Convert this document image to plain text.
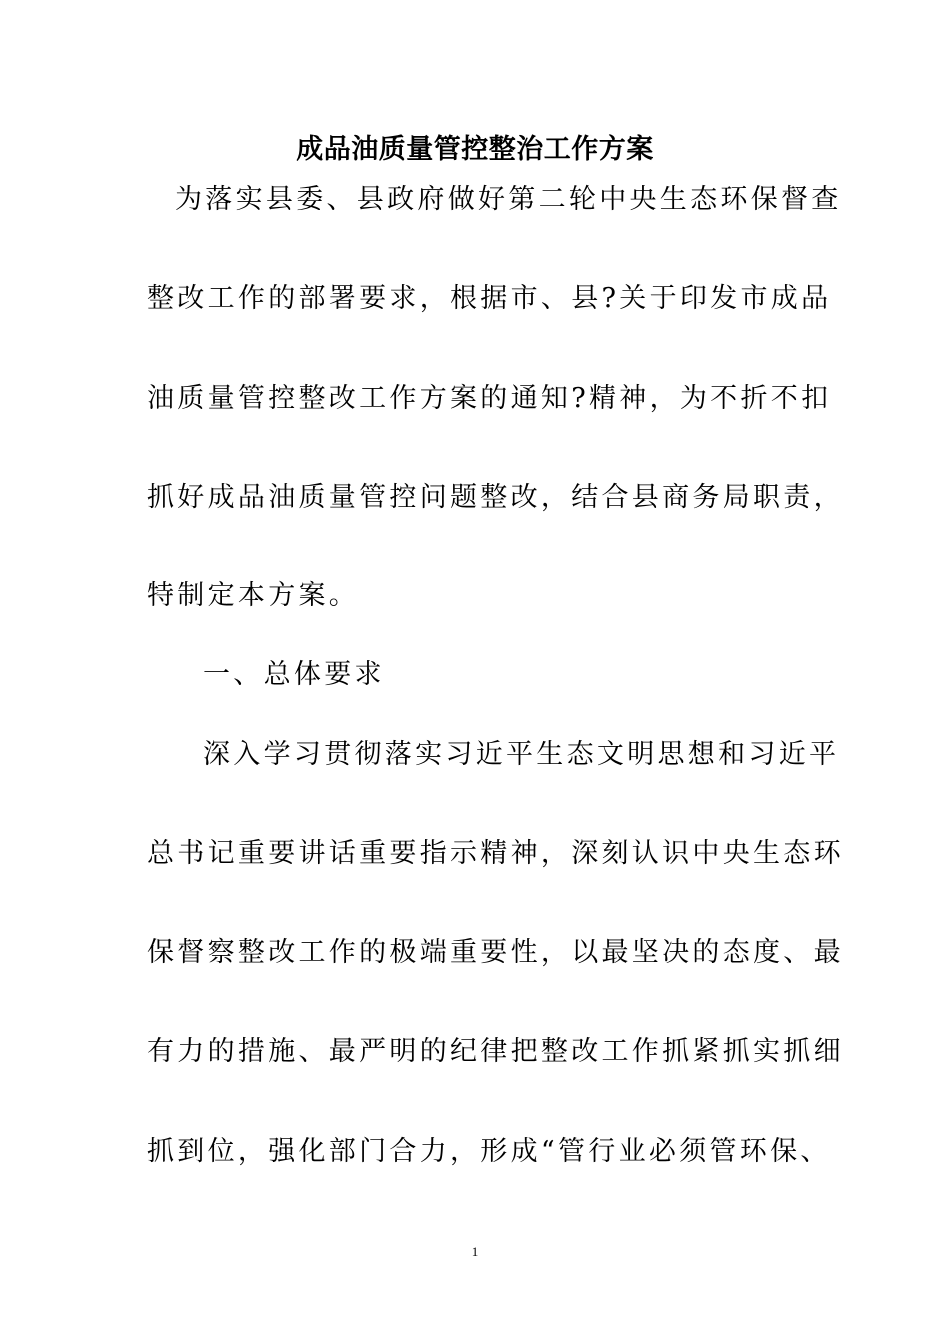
成品油质量管控整治工作方案
为落实县委、县政府做好第二轮中央生态环保督查
整改工作的部署要求，根据市、县?关于印发市成品
油质量管控整改工作方案的通知?精神，为不折不扣
抓好成品油质量管控问题整改，结合县商务局职责，
特制定本方案。
一、总体要求
深入学习贯彻落实习近平生态文明思想和习近平
总书记重要讲话重要指示精神，深刻认识中央生态环
保督察整改工作的极端重要性，以最坚决的态度、最
有力的措施、最严明的纪律把整改工作抓紧抓实抓细
抓到位，强化部门合力，形成“管行业必须管环保、
1
